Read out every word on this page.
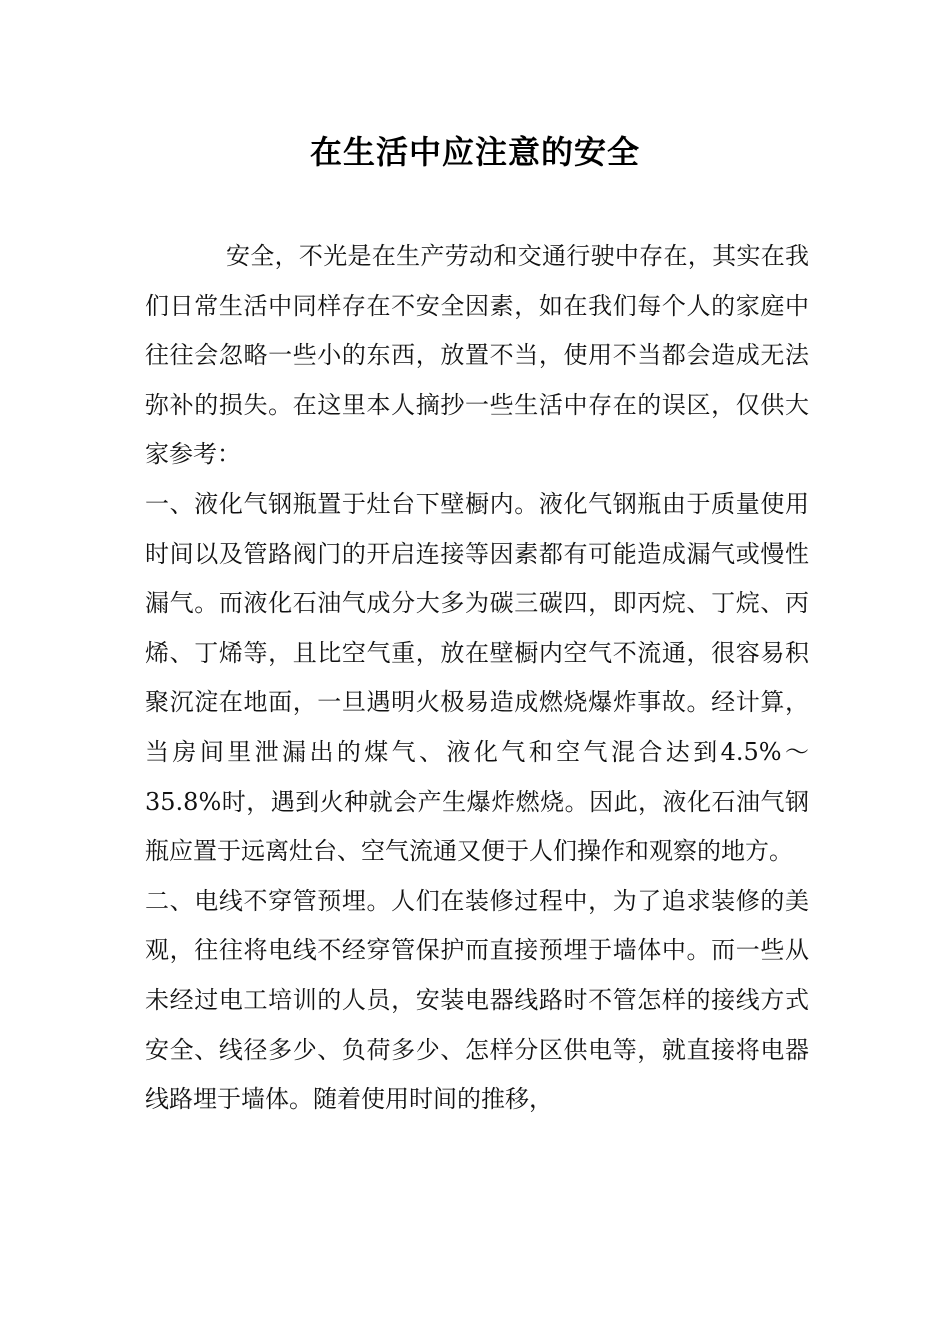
在生活中应注意的安全

安全，不光是在生产劳动和交通行驶中存在，其实在我们日常生活中同样存在不安全因素，如在我们每个人的家庭中往往会忽略一些小的东西，放置不当，使用不当都会造成无法弥补的损失。在这里本人摘抄一些生活中存在的误区，仅供大家参考：

一、液化气钢瓶置于灶台下壁橱内。液化气钢瓶由于质量使用时间以及管路阀门的开启连接等因素都有可能造成漏气或慢性漏气。而液化石油气成分大多为碳三碳四，即丙烷、丁烷、丙烯、丁烯等，且比空气重，放在壁橱内空气不流通，很容易积聚沉淀在地面，一旦遇明火极易造成燃烧爆炸事故。经计算，当房间里泄漏出的煤气、液化气和空气混合达到4.5%～35.8%时，遇到火种就会产生爆炸燃烧。因此，液化石油气钢瓶应置于远离灶台、空气流通又便于人们操作和观察的地方。

二、电线不穿管预埋。人们在装修过程中，为了追求装修的美观，往往将电线不经穿管保护而直接预埋于墙体中。而一些从未经过电工培训的人员，安装电器线路时不管怎样的接线方式安全、线径多少、负荷多少、怎样分区供电等，就直接将电器线路埋于墙体。随着使用时间的推移，
